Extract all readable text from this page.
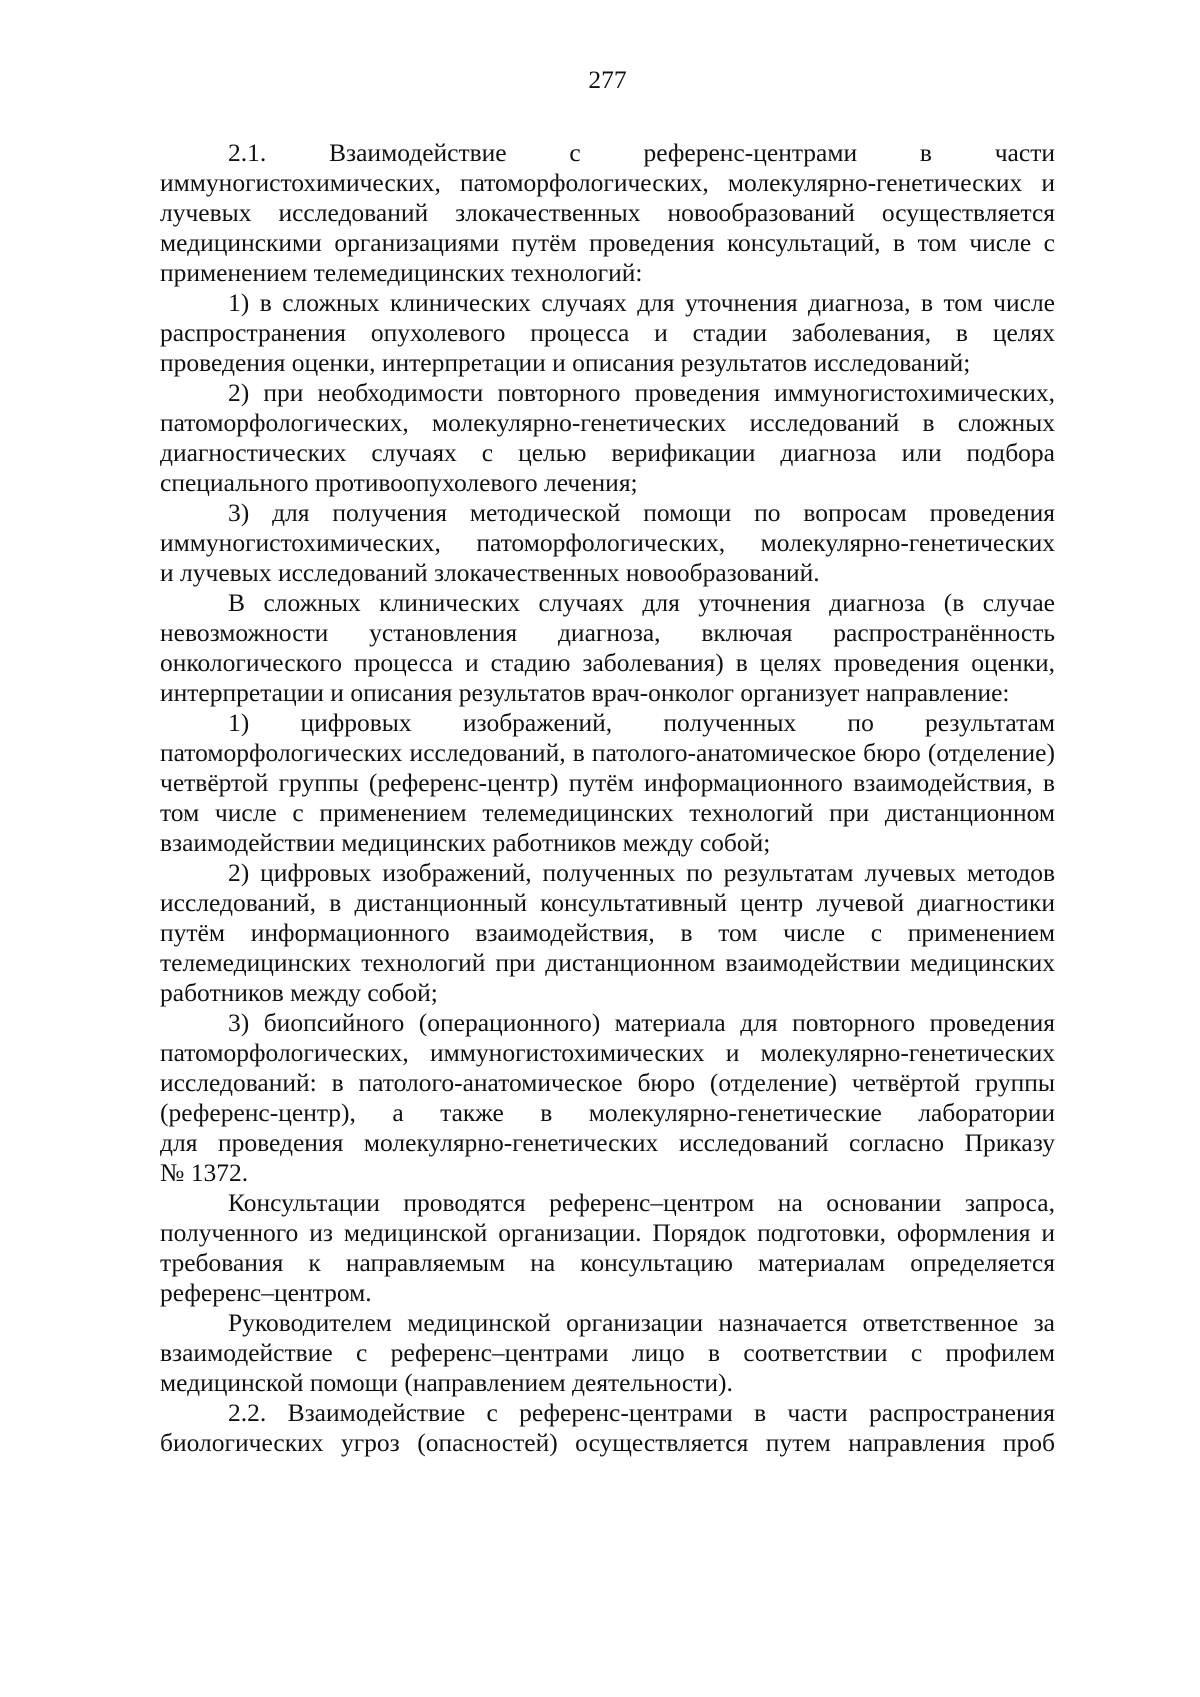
277
2.1. Взаимодействие с референс-центрами в части
иммуногистохимических, патоморфологических, молекулярно-генетических и
лучевых исследований злокачественных новообразований осуществляется
медицинскими организациями путём проведения консультаций, в том числе с
применением телемедицинских технологий:
1) в сложных клинических случаях для уточнения диагноза, в том числе
распространения опухолевого процесса и стадии заболевания, в целях
проведения оценки, интерпретации и описания результатов исследований;
2) при необходимости повторного проведения иммуногистохимических,
патоморфологических, молекулярно-генетических исследований в сложных
диагностических случаях с целью верификации диагноза или подбора
специального противоопухолевого лечения;
3) для получения методической помощи по вопросам проведения
иммуногистохимических, патоморфологических, молекулярно-генетических
и лучевых исследований злокачественных новообразований.
В сложных клинических случаях для уточнения диагноза (в случае
невозможности установления диагноза, включая распространённость
онкологического процесса и стадию заболевания) в целях проведения оценки,
интерпретации и описания результатов врач-онколог организует направление:
1) цифровых изображений, полученных по результатам
патоморфологических исследований, в патолого-анатомическое бюро (отделение)
четвёртой группы (референс-центр) путём информационного взаимодействия, в
том числе с применением телемедицинских технологий при дистанционном
взаимодействии медицинских работников между собой;
2) цифровых изображений, полученных по результатам лучевых методов
исследований, в дистанционный консультативный центр лучевой диагностики
путём информационного взаимодействия, в том числе с применением
телемедицинских технологий при дистанционном взаимодействии медицинских
работников между собой;
3) биопсийного (операционного) материала для повторного проведения
патоморфологических, иммуногистохимических и молекулярно-генетических
исследований: в патолого-анатомическое бюро (отделение) четвёртой группы
(референс-центр), а также в молекулярно-генетические лаборатории
для проведения молекулярно-генетических исследований согласно Приказу
№ 1372.
Консультации проводятся референс–центром на основании запроса,
полученного из медицинской организации. Порядок подготовки, оформления и
требования к направляемым на консультацию материалам определяется
референс–центром.
Руководителем медицинской организации назначается ответственное за
взаимодействие с референс–центрами лицо в соответствии с профилем
медицинской помощи (направлением деятельности).
2.2. Взаимодействие с референс-центрами в части распространения
биологических угроз (опасностей) осуществляется путем направления проб
